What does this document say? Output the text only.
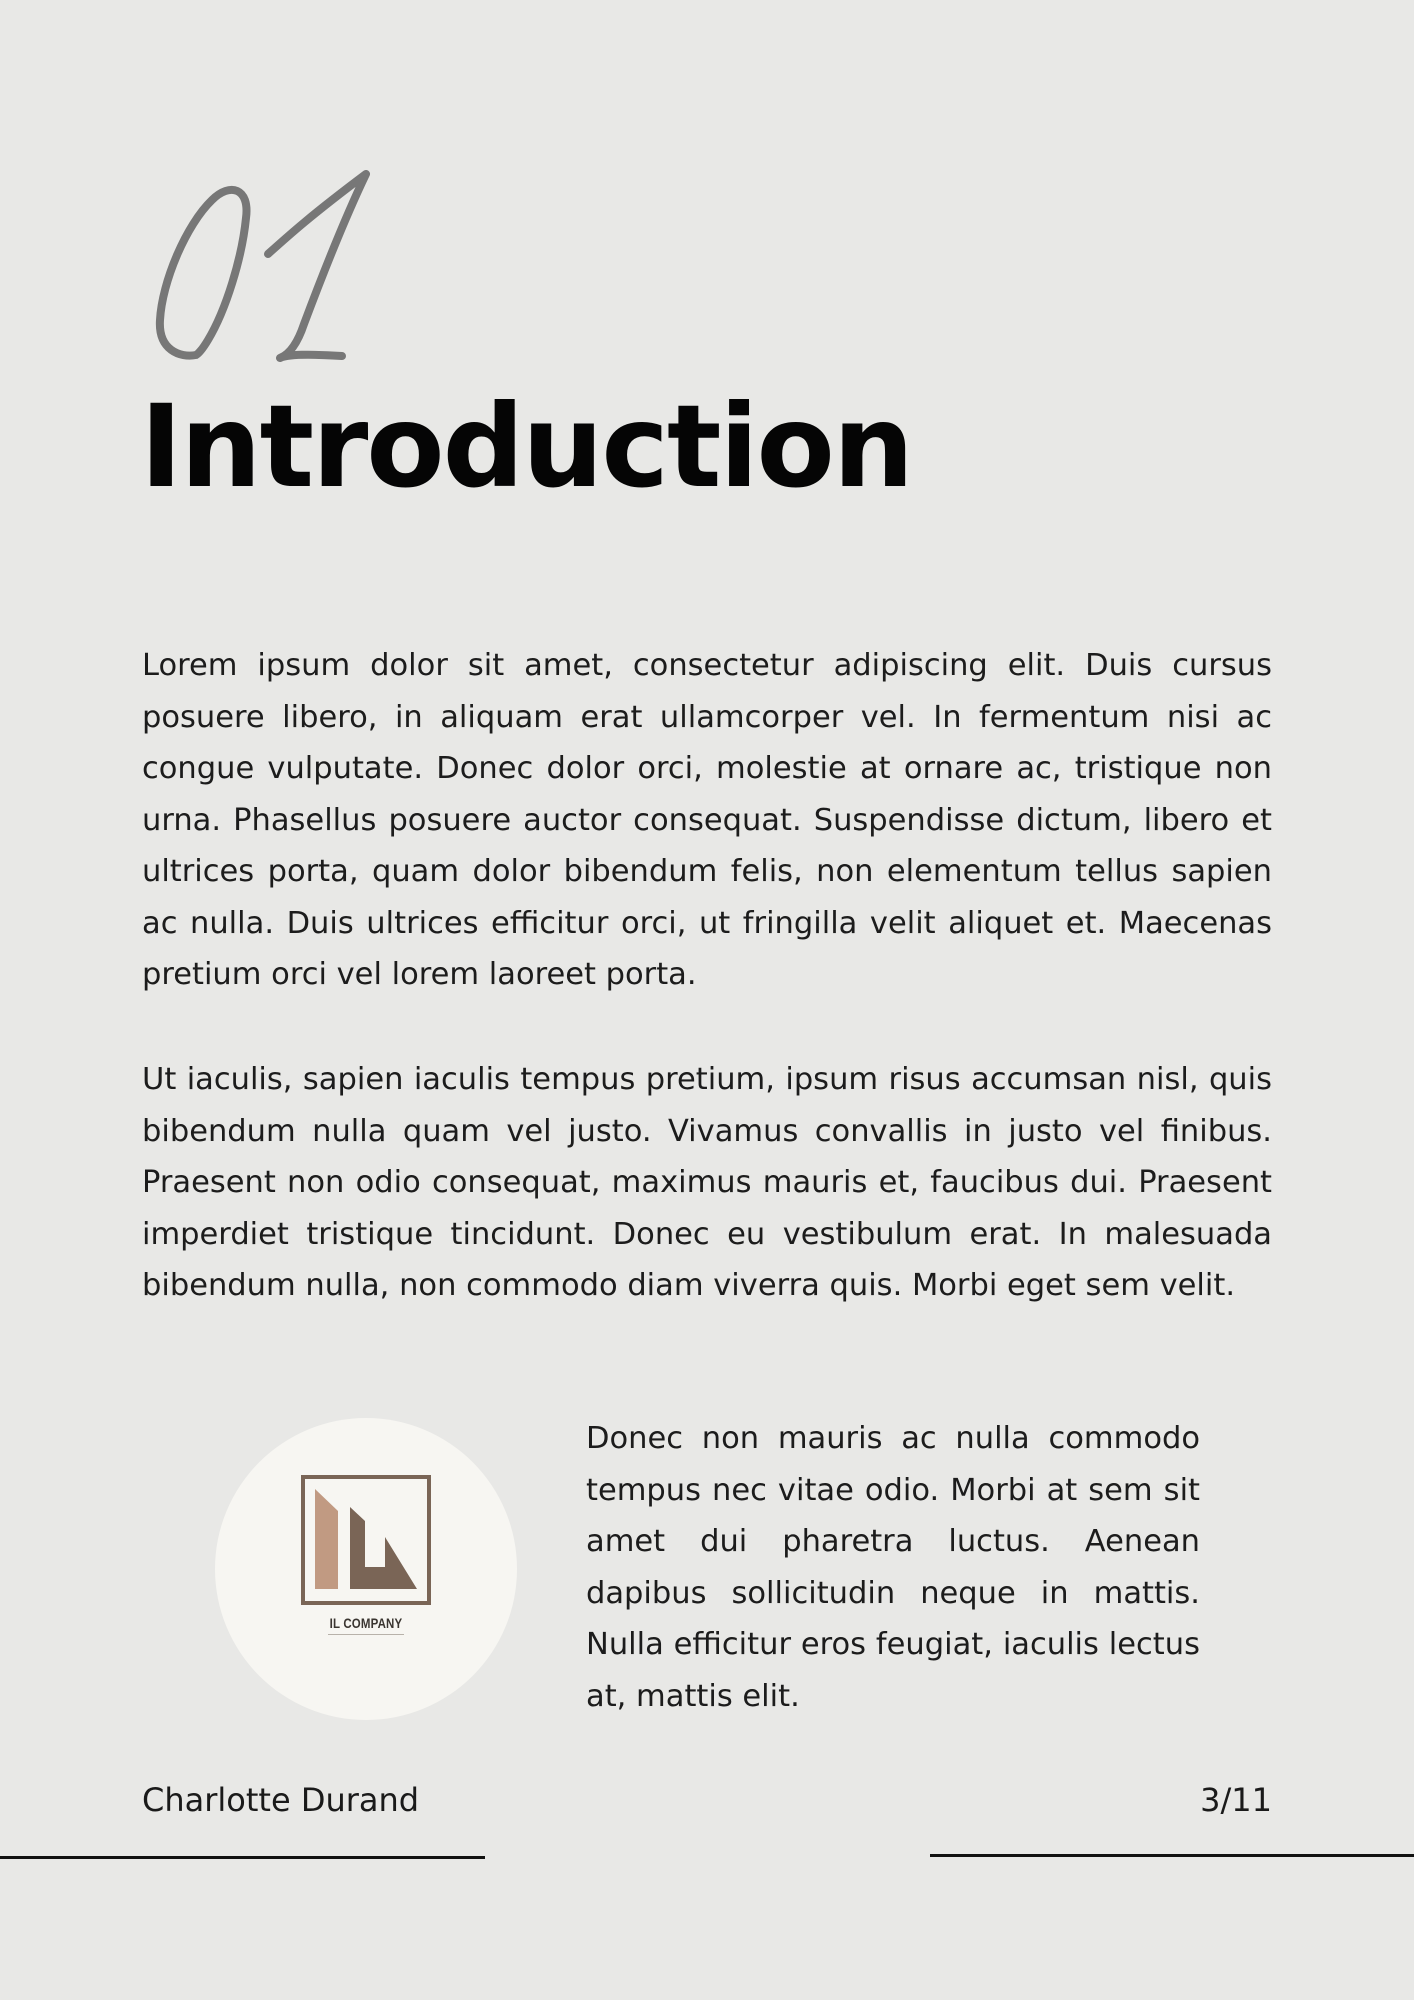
Introduction

Lorem ipsum dolor sit amet, consectetur adipiscing elit. Duis cursus posuere libero, in aliquam erat ullamcorper vel. In fermentum nisi ac congue vulputate. Donec dolor orci, molestie at ornare ac, tristique non urna. Phasellus posuere auctor consequat. Suspendisse dictum, libero et ultrices porta, quam dolor bibendum felis, non elementum tellus sapien ac nulla. Duis ultrices efficitur orci, ut fringilla velit aliquet et. Maecenas pretium orci vel lorem laoreet porta.

Ut iaculis, sapien iaculis tempus pretium, ipsum risus accumsan nisl, quis bibendum nulla quam vel justo. Vivamus convallis in justo vel finibus. Praesent non odio consequat, maximus mauris et, faucibus dui. Praesent imperdiet tristique tincidunt. Donec eu vestibulum erat. In malesuada bibendum nulla, non commodo diam viverra quis. Morbi eget sem velit.

IL COMPANY

Donec non mauris ac nulla commodo tempus nec vitae odio. Morbi at sem sit amet dui pharetra luctus. Aenean dapibus sollicitudin neque in mattis. Nulla efficitur eros feugiat, iaculis lectus at, mattis elit.

Charlotte Durand	3/11
